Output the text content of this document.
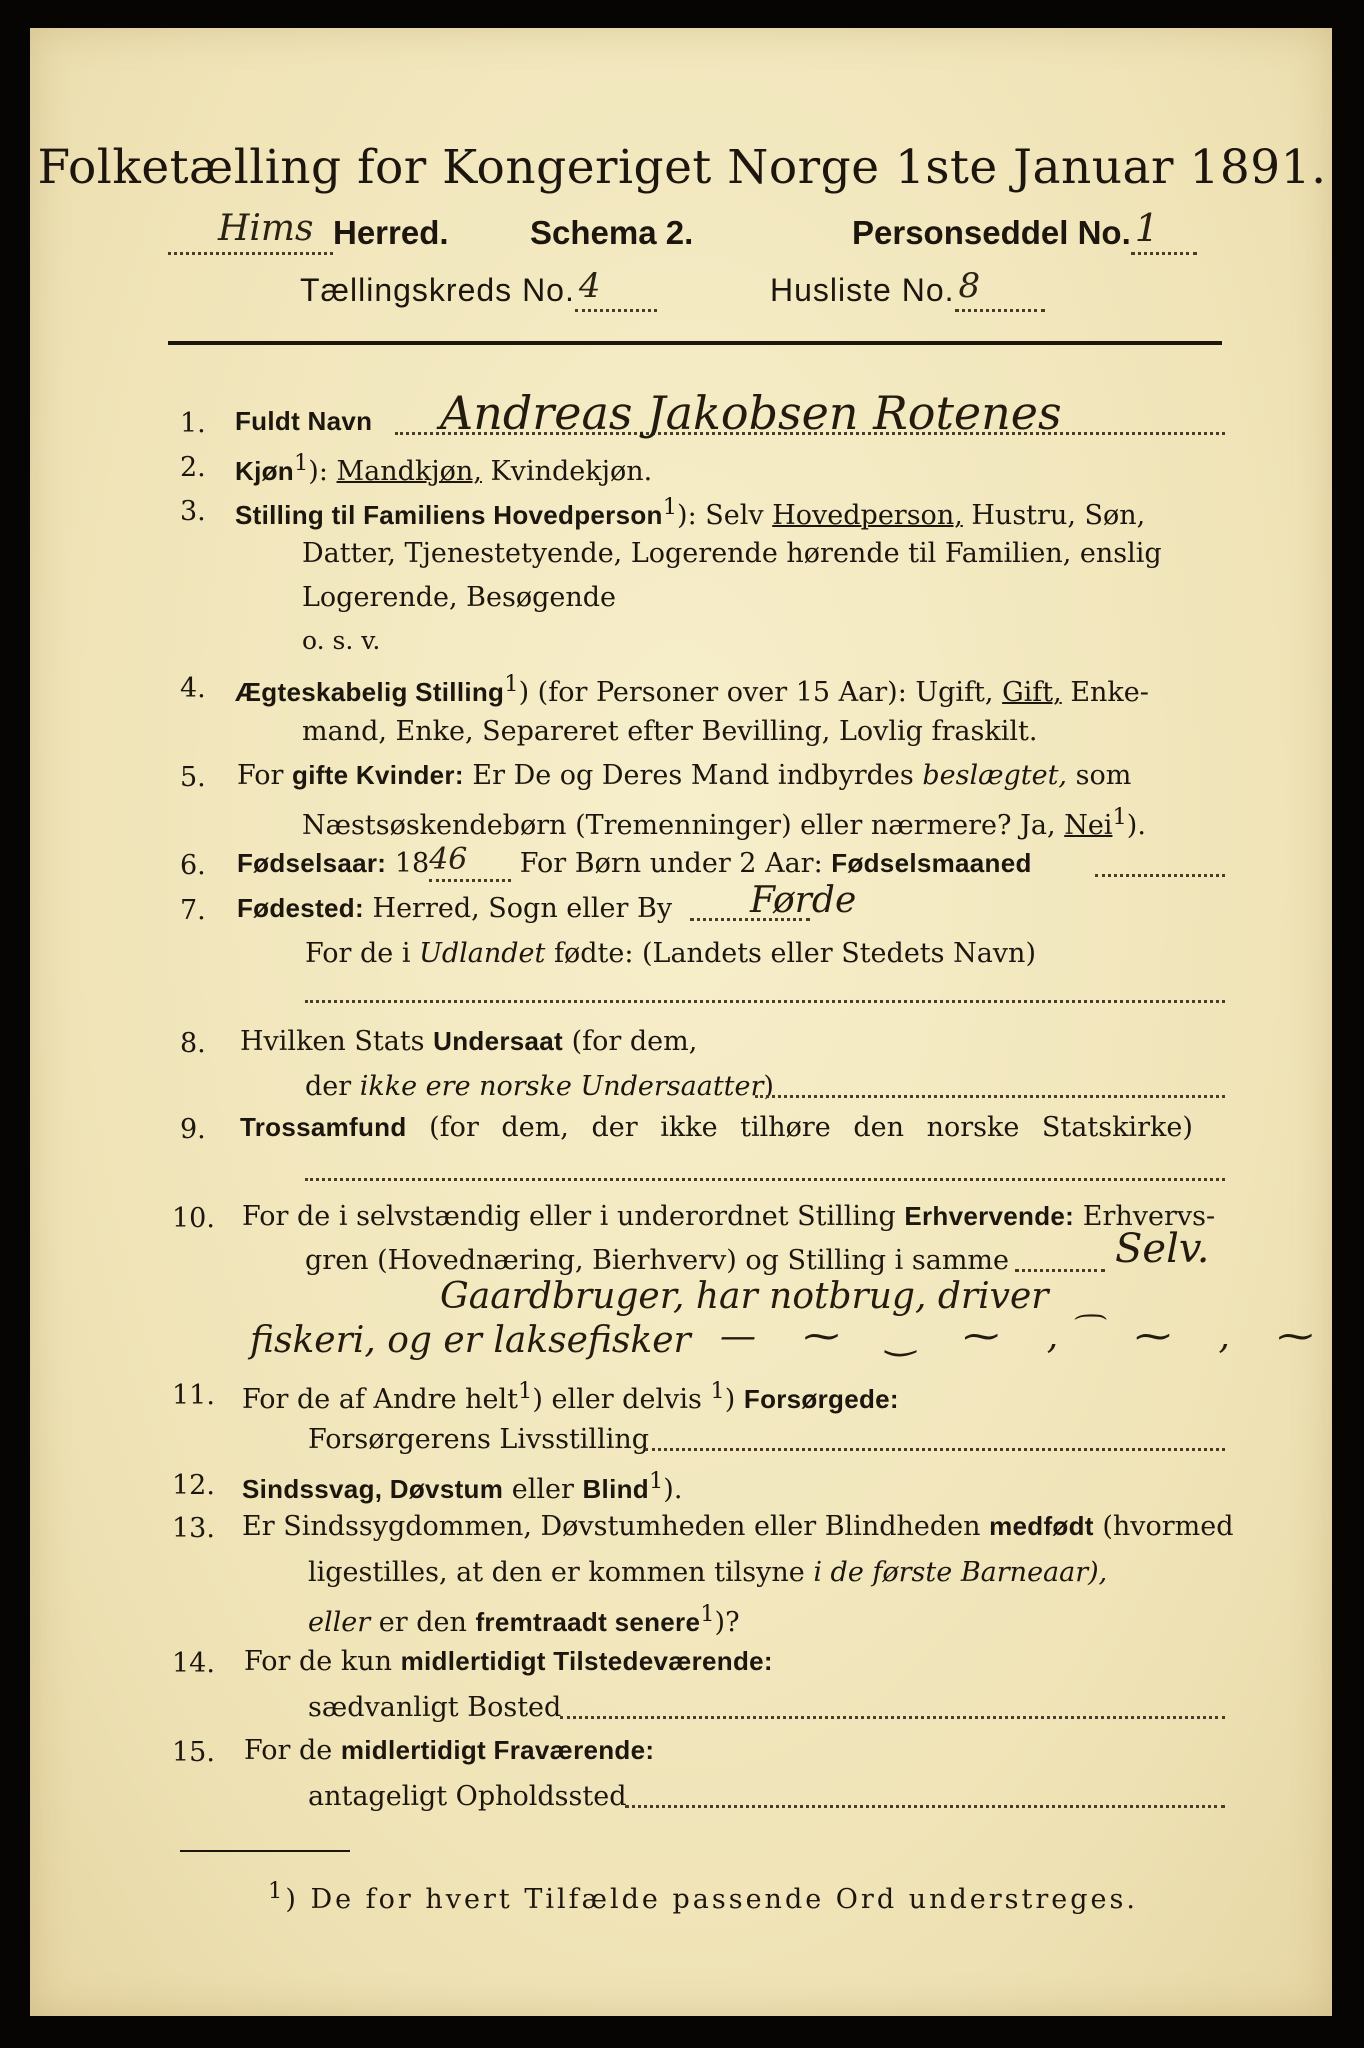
Folketælling for Kongeriget Norge 1ste Januar 1891.

Hims Herred. Schema 2.	Personseddel No. 1
Tællingskreds No. 4	Husliste No. 8
1. Fuldt Navn Andreas Jakobsen Rotenes
2. Kjøn$^1$): Mandkjøn, Kvindekjøn.
3. Stilling til Familiens Hovedperson$^1$): Selv Hovedperson, Hustru, Søn,
Datter, Tjenestetyende, Logerende hørende til Familien, enslig
Logerende, Besøgende
o. s. v.
4. Ægteskabelig Stilling$^1$) (for Personer over 15 Aar): Ugift, Gift, Enke-
mand, Enke, Separeret efter Bevilling, Lovlig fraskilt.
5. For gifte Kvinder: Er De og Deres Mand indbyrdes beslægtet, som
Næstsøskendebørn (Tremenninger) eller nærmere? Ja, Nei$^1$).
6. Fødselsaar: 18 46 For Børn under 2 Aar: Fødselsmaaned
7. Fødested: Herred, Sogn eller By Førde
For de i Udlandet fødte: (Landets eller Stedets Navn)
8. Hvilken Stats Undersaat (for dem,
der ikke ere norske Undersaatter)
9. Trossamfund (for dem, der ikke tilhøre den norske Statskirke)
10. For de i selvstændig eller i underordnet Stilling Erhvervende: Erhvervs-
gren (Hovednæring, Bierhverv) og Stilling i samme	Selv.
Gaardbruger, har notbrug, driver
fiskeri, og er laksefisker — ⁓ ‿ ⁓ , ͡ ⁓ , ⁓
11. For de af Andre helt$^1$) eller delvis $^1$) Forsørgede:
Forsørgerens Livsstilling
12. Sindssvag, Døvstum eller Blind$^1$).
13. Er Sindssygdommen, Døvstumheden eller Blindheden medfødt (hvormed
ligestilles, at den er kommen tilsyne i de første Barneaar),
eller er den fremtraadt senere$^1$)?
14. For de kun midlertidigt Tilstedeværende:
sædvanligt Bosted
15. For de midlertidigt Fraværende:
antageligt Opholdssted
$^1$) De for hvert Tilfælde passende Ord understreges.
